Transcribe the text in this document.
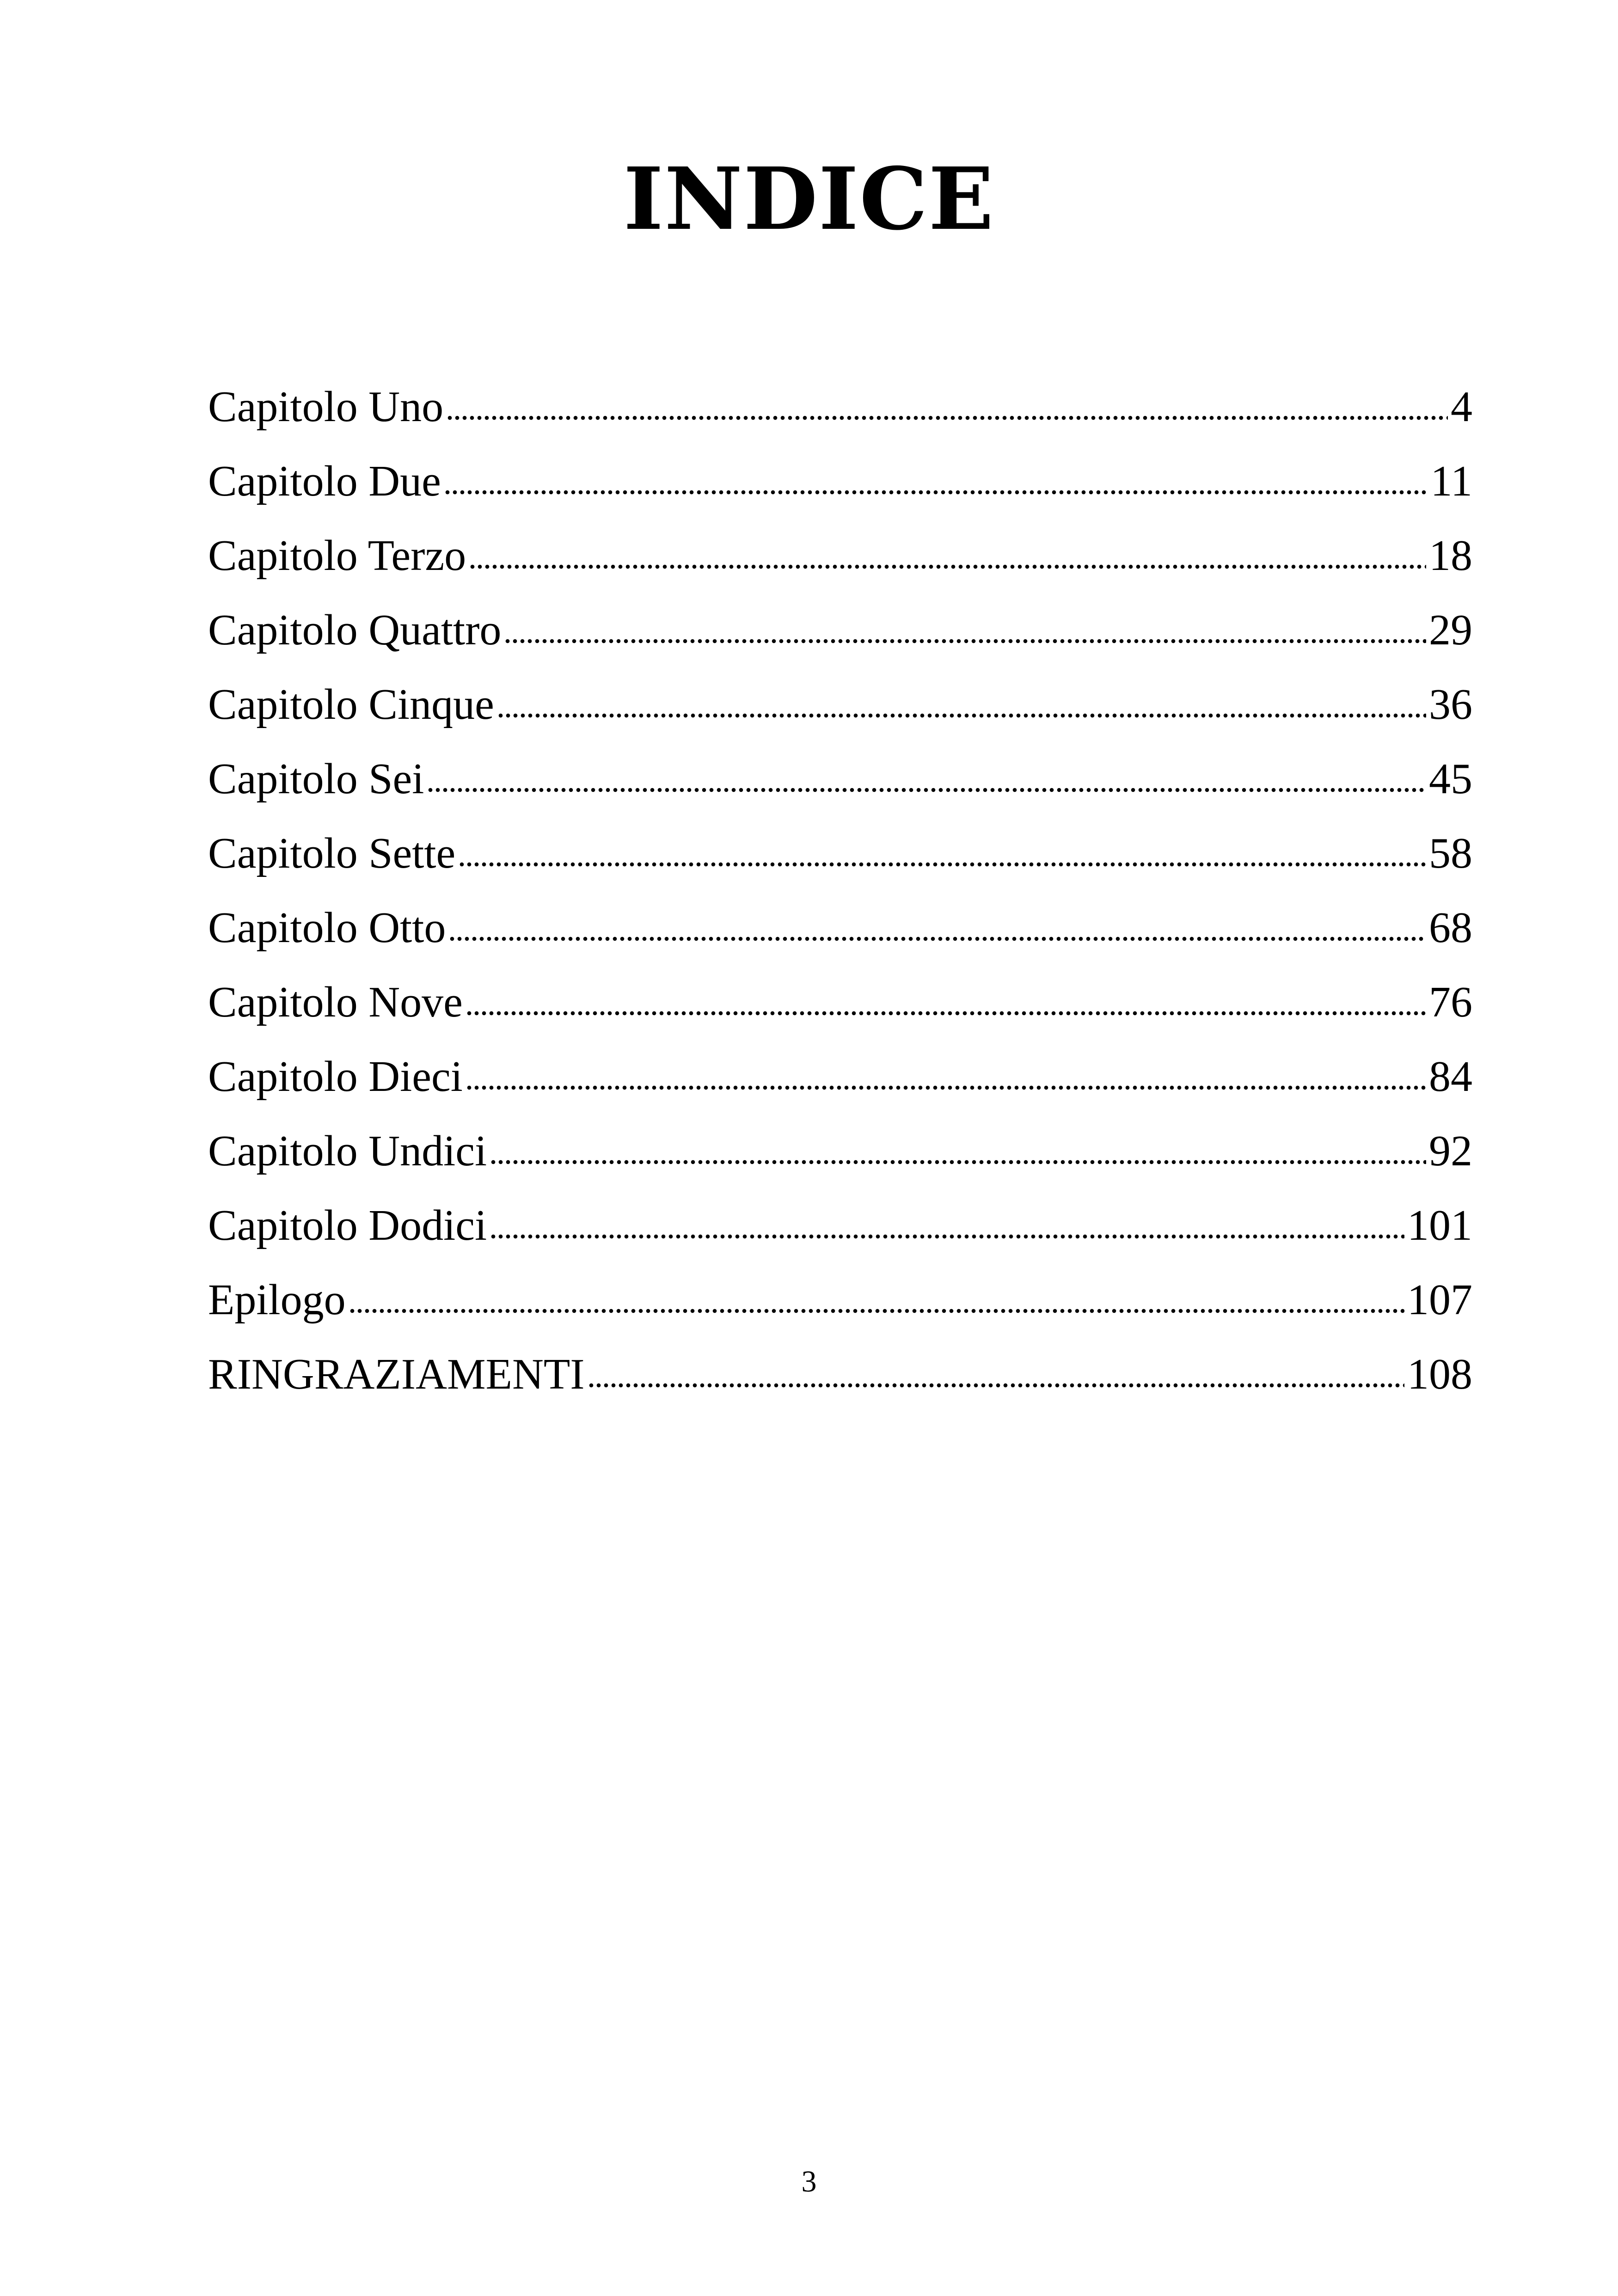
INDICE
Capitolo Uno	4
Capitolo Due	11
Capitolo Terzo	18
Capitolo Quattro	29
Capitolo Cinque	36
Capitolo Sei	45
Capitolo Sette	58
Capitolo Otto	68
Capitolo Nove	76
Capitolo Dieci	84
Capitolo Undici	92
Capitolo Dodici	101
Epilogo	107
RINGRAZIAMENTI	108
3
